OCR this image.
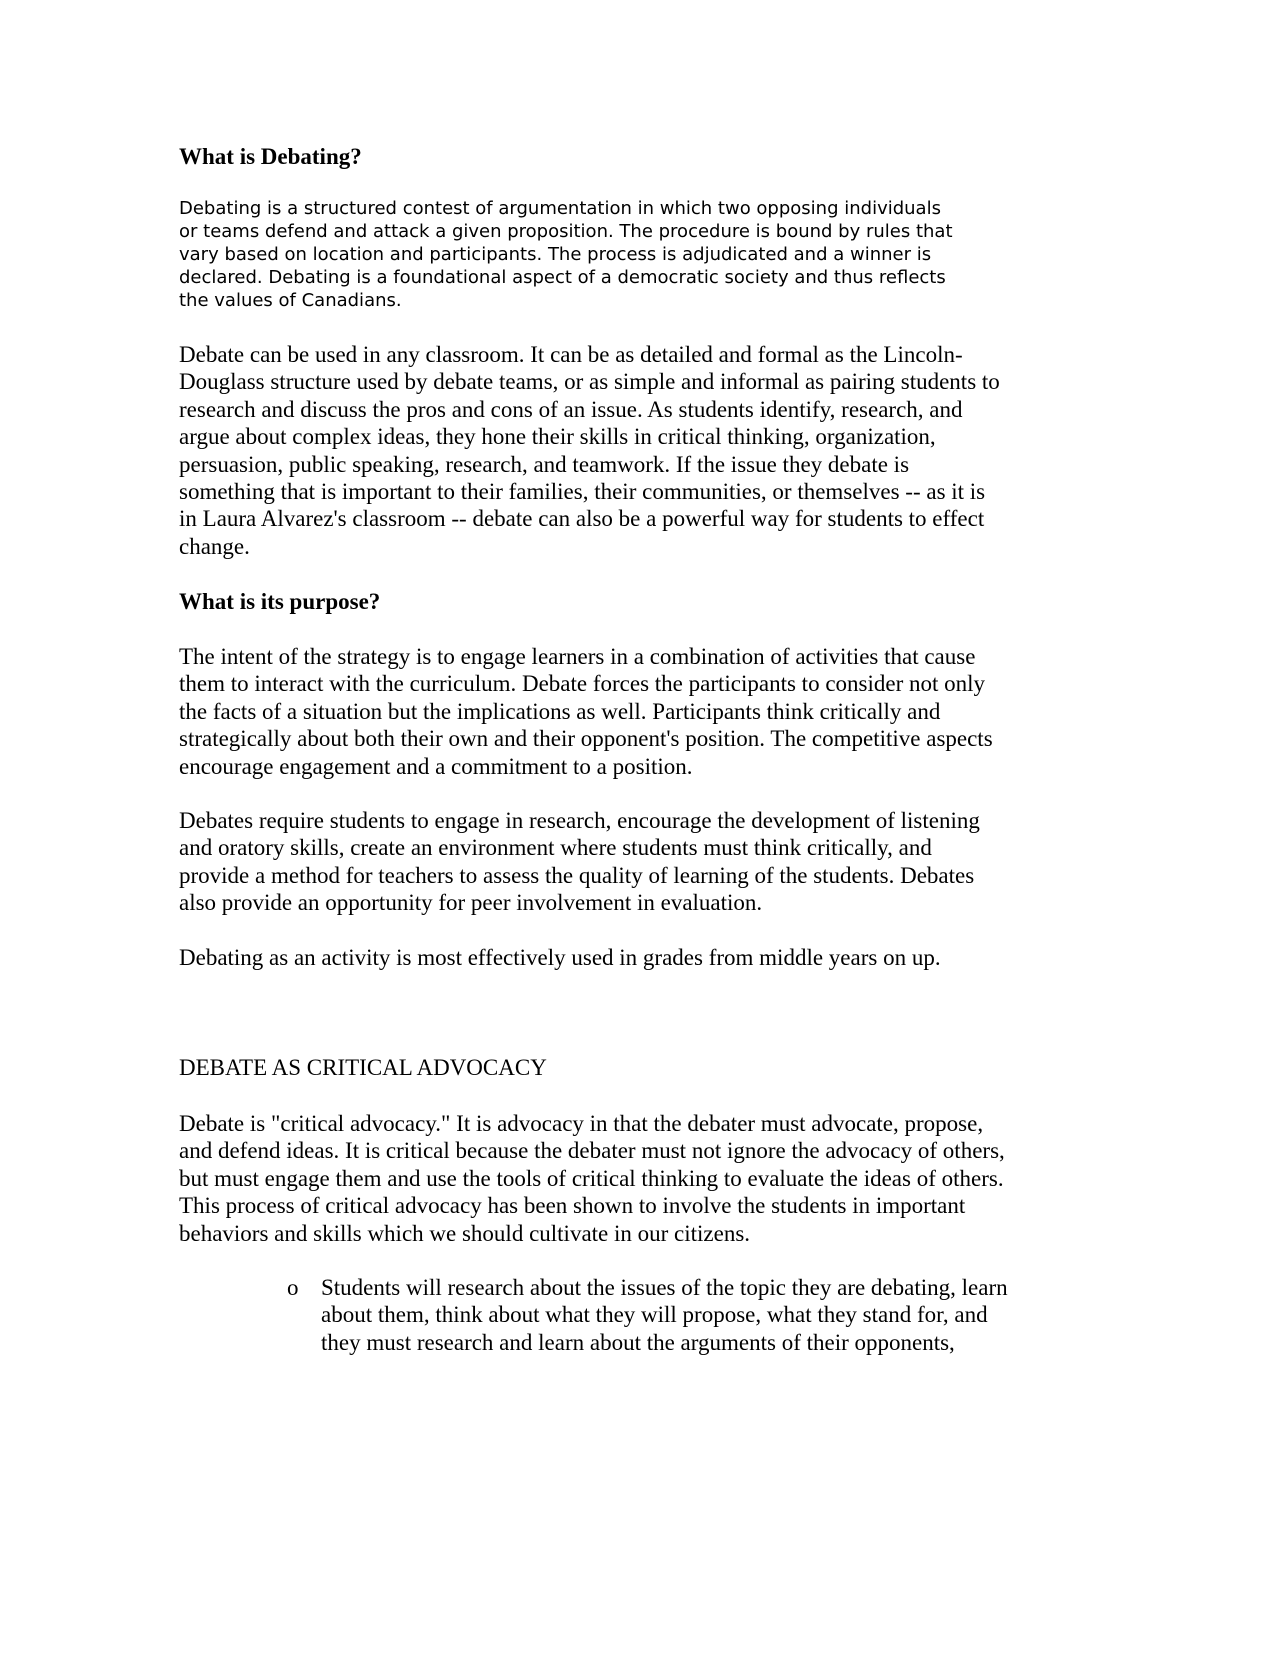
What is Debating?
Debating is a structured contest of argumentation in which two opposing individuals
or teams defend and attack a given proposition. The procedure is bound by rules that
vary based on location and participants. The process is adjudicated and a winner is
declared. Debating is a foundational aspect of a democratic society and thus reflects
the values of Canadians.
Debate can be used in any classroom. It can be as detailed and formal as the Lincoln-
Douglass structure used by debate teams, or as simple and informal as pairing students to
research and discuss the pros and cons of an issue. As students identify, research, and
argue about complex ideas, they hone their skills in critical thinking, organization,
persuasion, public speaking, research, and teamwork. If the issue they debate is
something that is important to their families, their communities, or themselves -- as it is
in Laura Alvarez's classroom -- debate can also be a powerful way for students to effect
change.
What is its purpose?
The intent of the strategy is to engage learners in a combination of activities that cause
them to interact with the curriculum. Debate forces the participants to consider not only
the facts of a situation but the implications as well. Participants think critically and
strategically about both their own and their opponent's position. The competitive aspects
encourage engagement and a commitment to a position.
Debates require students to engage in research, encourage the development of listening
and oratory skills, create an environment where students must think critically, and
provide a method for teachers to assess the quality of learning of the students. Debates
also provide an opportunity for peer involvement in evaluation.
Debating as an activity is most effectively used in grades from middle years on up.
DEBATE AS CRITICAL ADVOCACY
Debate is "critical advocacy." It is advocacy in that the debater must advocate, propose,
and defend ideas. It is critical because the debater must not ignore the advocacy of others,
but must engage them and use the tools of critical thinking to evaluate the ideas of others.
This process of critical advocacy has been shown to involve the students in important
behaviors and skills which we should cultivate in our citizens.
o Students will research about the issues of the topic they are debating, learn
about them, think about what they will propose, what they stand for, and
they must research and learn about the arguments of their opponents,
